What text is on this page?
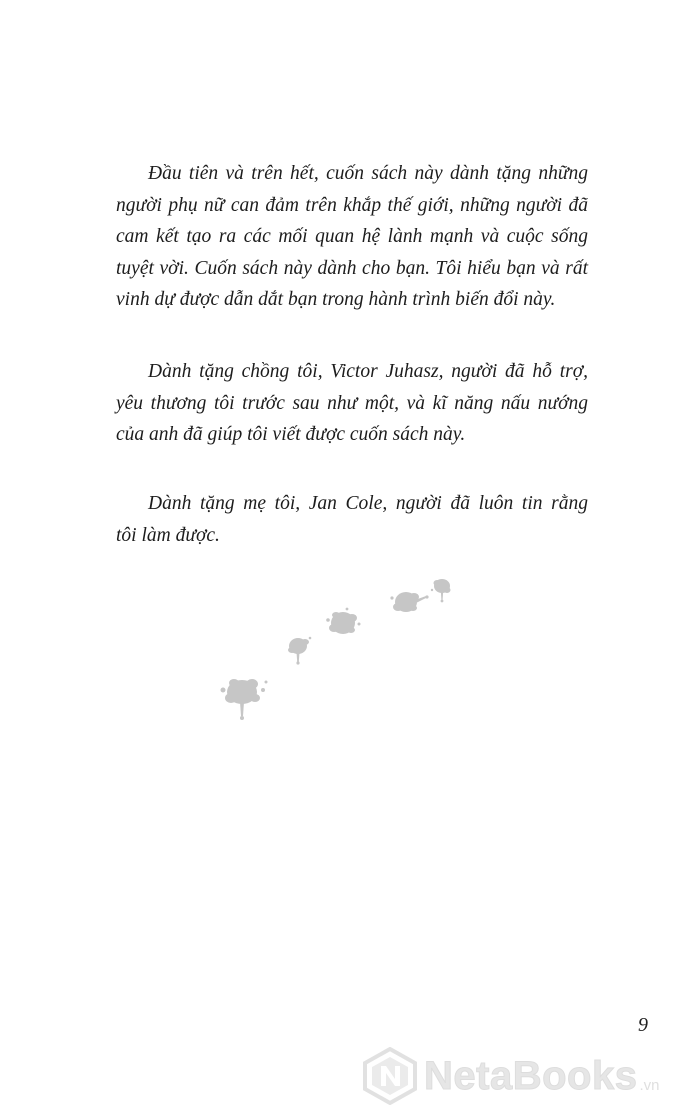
Đầu tiên và trên hết, cuốn sách này dành tặng những
người phụ nữ can đảm trên khắp thế giới, những người đã
cam kết tạo ra các mối quan hệ lành mạnh và cuộc sống
tuyệt vời. Cuốn sách này dành cho bạn. Tôi hiểu bạn và rất
vinh dự được dẫn dắt bạn trong hành trình biến đổi này.

Dành tặng chồng tôi, Victor Juhasz, người đã hỗ trợ,
yêu thương tôi trước sau như một, và kĩ năng nấu nướng
của anh đã giúp tôi viết được cuốn sách này.

Dành tặng mẹ tôi, Jan Cole, người đã luôn tin rằng
tôi làm được.

9
NetaBooks .vn
